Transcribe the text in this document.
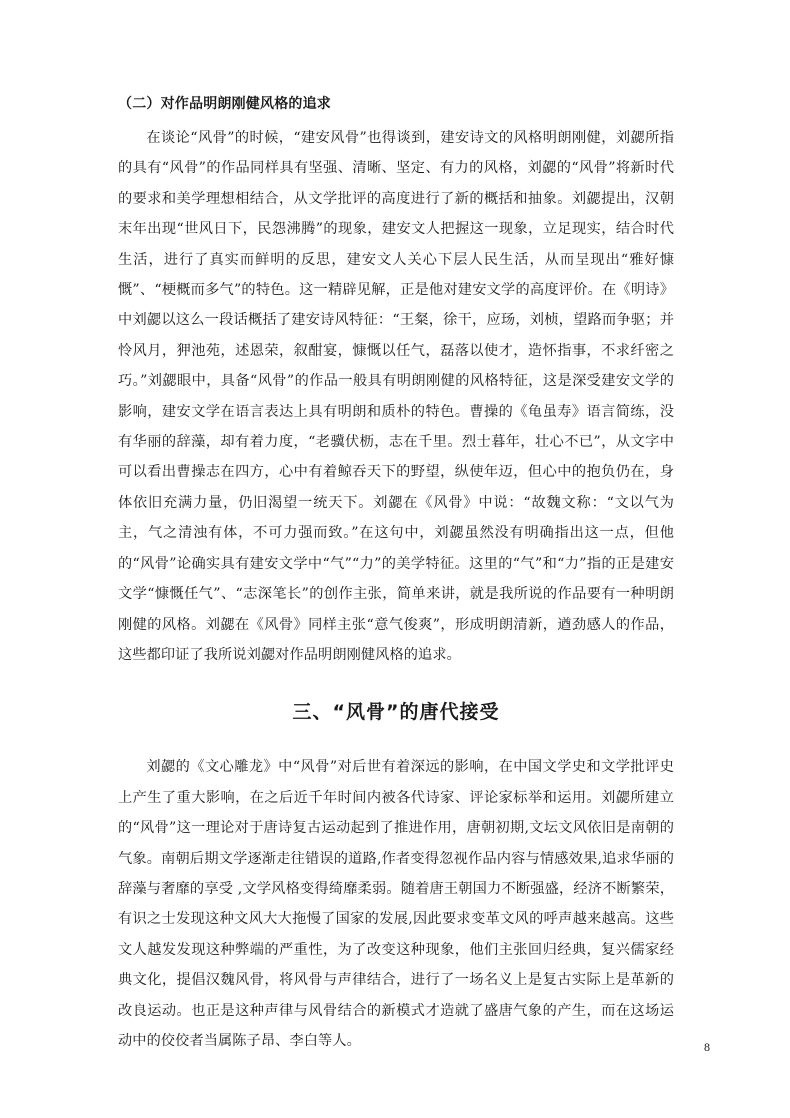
（二）对作品明朗刚健风格的追求

在谈论“风骨”的时候，“建安风骨”也得谈到，建安诗文的风格明朗刚健，刘勰所指的具有“风骨”的作品同样具有坚强、清晰、坚定、有力的风格，刘勰的“风骨”将新时代的要求和美学理想相结合，从文学批评的高度进行了新的概括和抽象。刘勰提出，汉朝末年出现“世风日下，民怨沸腾”的现象，建安文人把握这一现象，立足现实，结合时代生活，进行了真实而鲜明的反思，建安文人关心下层人民生活，从而呈现出“雅好慷慨”、“梗概而多气”的特色。这一精辟见解，正是他对建安文学的高度评价。在《明诗》中刘勰以这么一段话概括了建安诗风特征：“王粲，徐干，应玚，刘桢，望路而争驱；并怜风月，狎池苑，述恩荣，叙酣宴，慷慨以任气，磊落以使才，造怀指事，不求纤密之巧。”刘勰眼中，具备“风骨”的作品一般具有明朗刚健的风格特征，这是深受建安文学的影响，建安文学在语言表达上具有明朗和质朴的特色。曹操的《龟虽寿》语言简练，没有华丽的辞藻，却有着力度，“老骥伏枥，志在千里。烈士暮年，壮心不已”，从文字中可以看出曹操志在四方，心中有着鲸吞天下的野望，纵使年迈，但心中的抱负仍在，身体依旧充满力量，仍旧渴望一统天下。刘勰在《风骨》中说：“故魏文称：“文以气为主，气之清浊有体，不可力强而致。”在这句中，刘勰虽然没有明确指出这一点，但他的“风骨”论确实具有建安文学中“气”“力”的美学特征。这里的“气”和“力”指的正是建安文学“慷慨任气”、“志深笔长”的创作主张，简单来讲，就是我所说的作品要有一种明朗刚健的风格。刘勰在《风骨》同样主张“意气俊爽”，形成明朗清新，遒劲感人的作品，这些都印证了我所说刘勰对作品明朗刚健风格的追求。

三、“风骨”的唐代接受

刘勰的《文心雕龙》中“风骨”对后世有着深远的影响，在中国文学史和文学批评史上产生了重大影响，在之后近千年时间内被各代诗家、评论家标举和运用。刘勰所建立的“风骨”这一理论对于唐诗复古运动起到了推进作用，唐朝初期,文坛文风依旧是南朝的气象。南朝后期文学逐渐走往错误的道路,作者变得忽视作品内容与情感效果,追求华丽的辞藻与奢靡的享受 ,文学风格变得绮靡柔弱。随着唐王朝国力不断强盛，经济不断繁荣，有识之士发现这种文风大大拖慢了国家的发展,因此要求变革文风的呼声越来越高。这些文人越发发现这种弊端的严重性，为了改变这种现象，他们主张回归经典，复兴儒家经典文化，提倡汉魏风骨，将风骨与声律结合，进行了一场名义上是复古实际上是革新的改良运动。也正是这种声律与风骨结合的新模式才造就了盛唐气象的产生，而在这场运动中的佼佼者当属陈子昂、李白等人。	8
